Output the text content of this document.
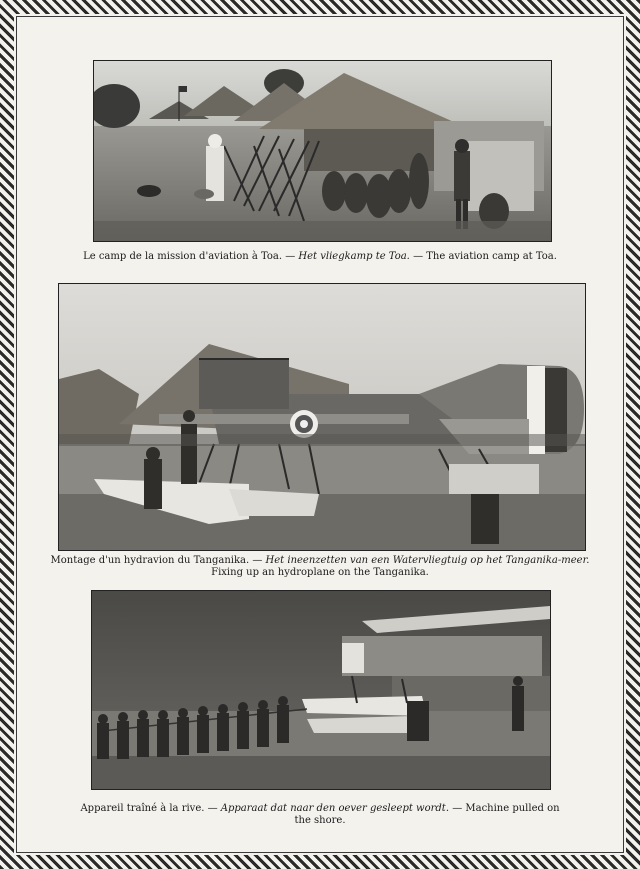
Le camp de la mission d'aviation à Toa. — Het vliegkamp te Toa. — The aviation camp at Toa.
Montage d'un hydravion du Tanganika. — Het ineenzetten van een Watervliegtuig op het Tanganika-meer.
Fixing up an hydroplane on the Tanganika.
Appareil traîné à la rive. — Apparaat dat naar den oever gesleept wordt. — Machine pulled on the shore.
